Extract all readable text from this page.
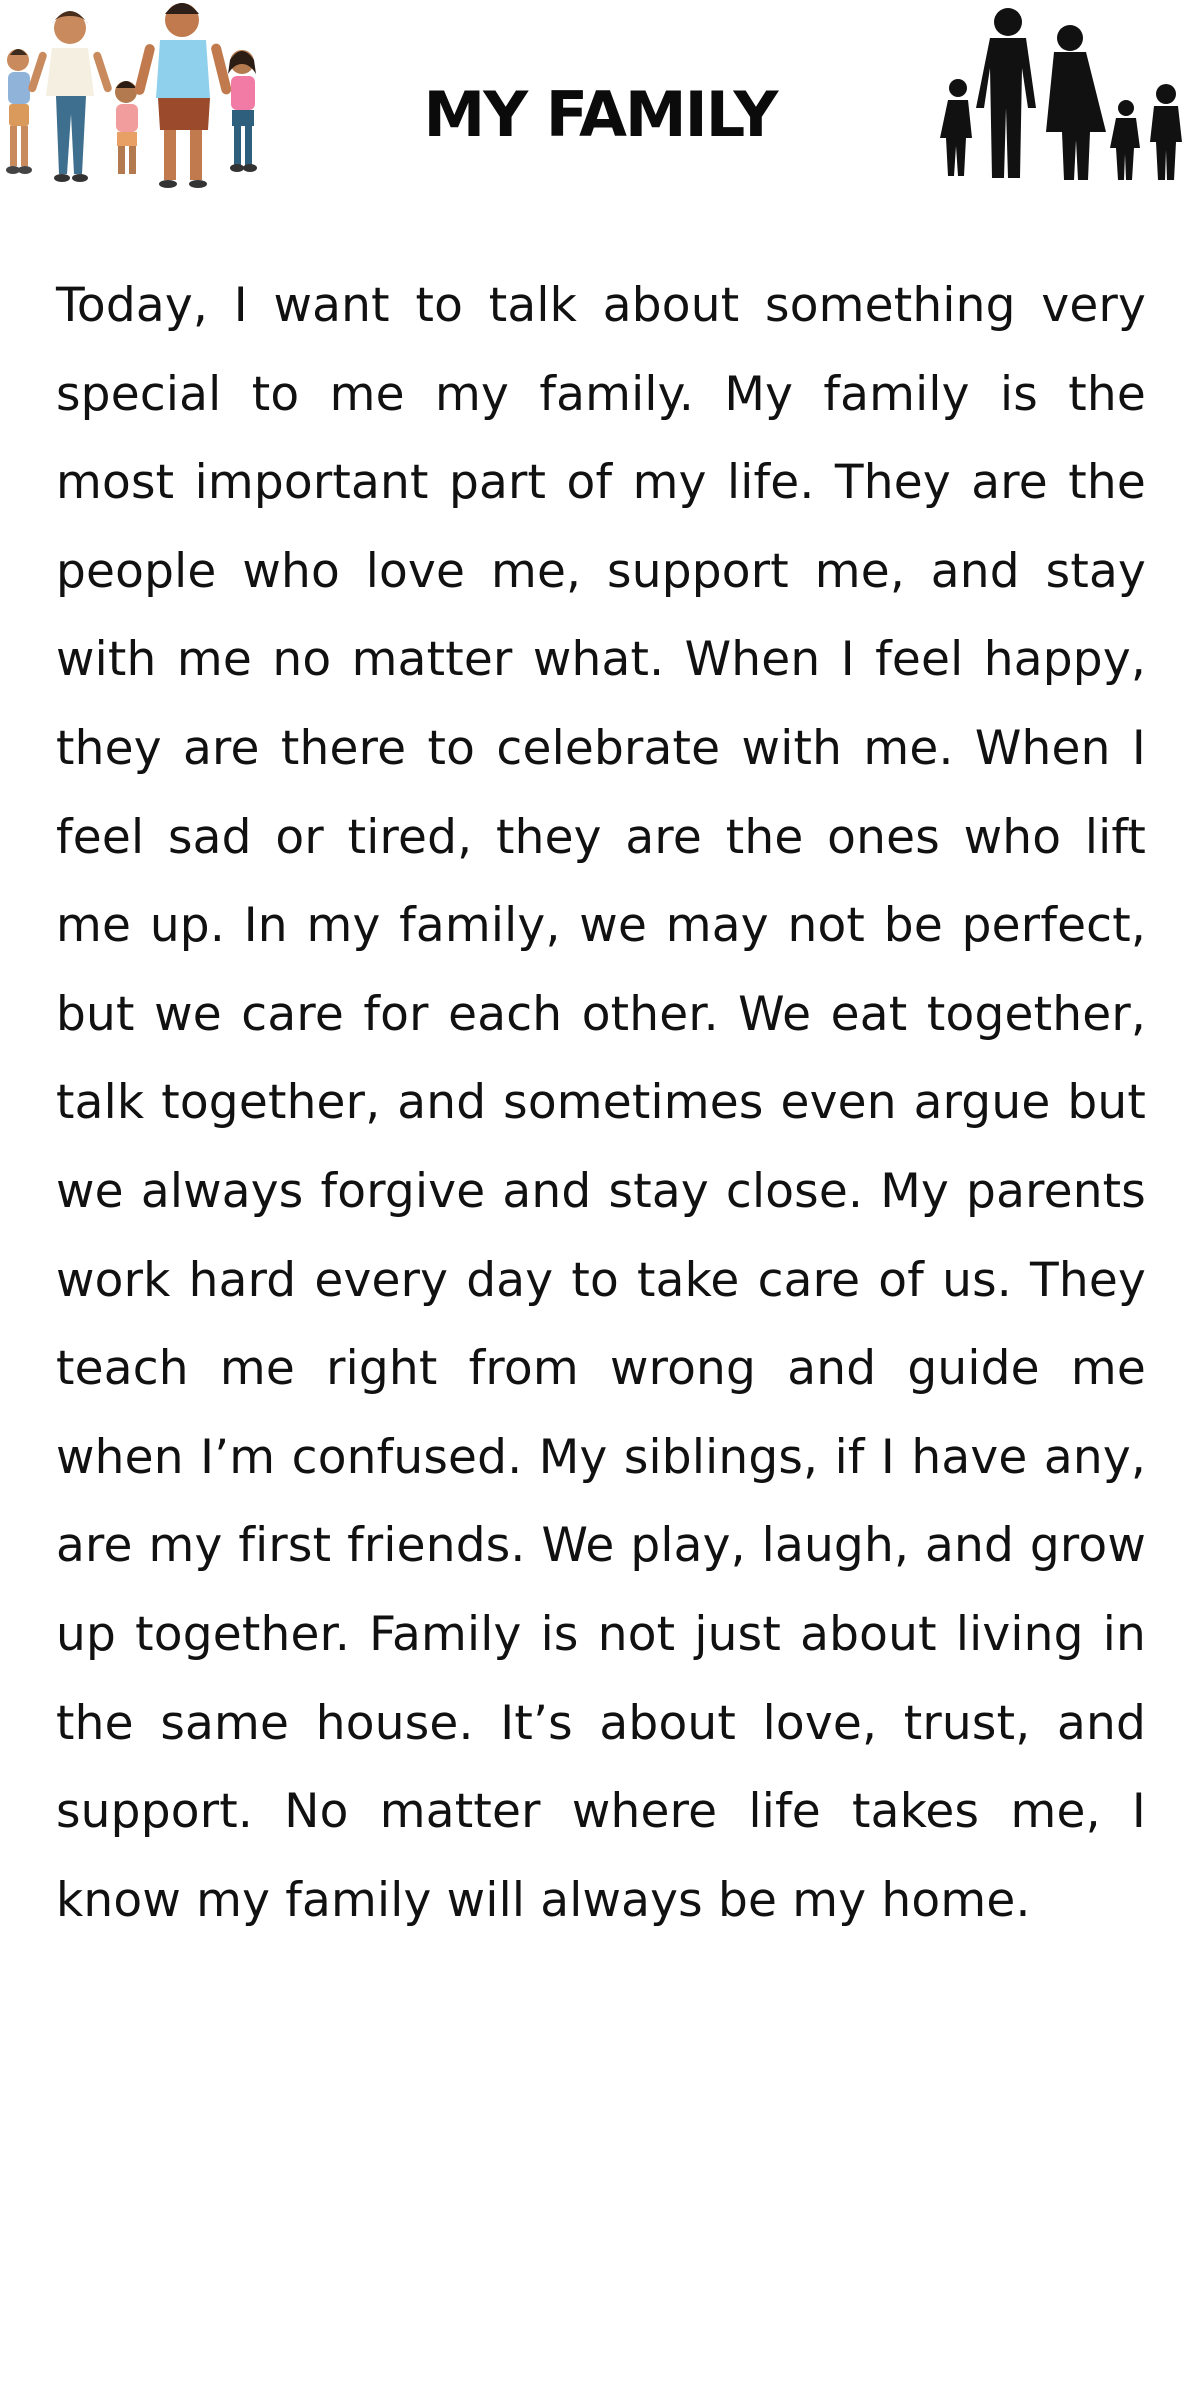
MY FAMILY

Today, I want to talk about something very special to me my family. My family is the most important part of my life. They are the people who love me, support me, and stay with me no matter what. When I feel happy, they are there to celebrate with me. When I feel sad or tired, they are the ones who lift me up. In my family, we may not be perfect, but we care for each other. We eat together, talk together, and sometimes even argue but we always forgive and stay close. My parents work hard every day to take care of us. They teach me right from wrong and guide me when I’m confused. My siblings, if I have any, are my first friends. We play, laugh, and grow up together. Family is not just about living in the same house. It’s about love, trust, and support. No matter where life takes me, I know my family will always be my home.
